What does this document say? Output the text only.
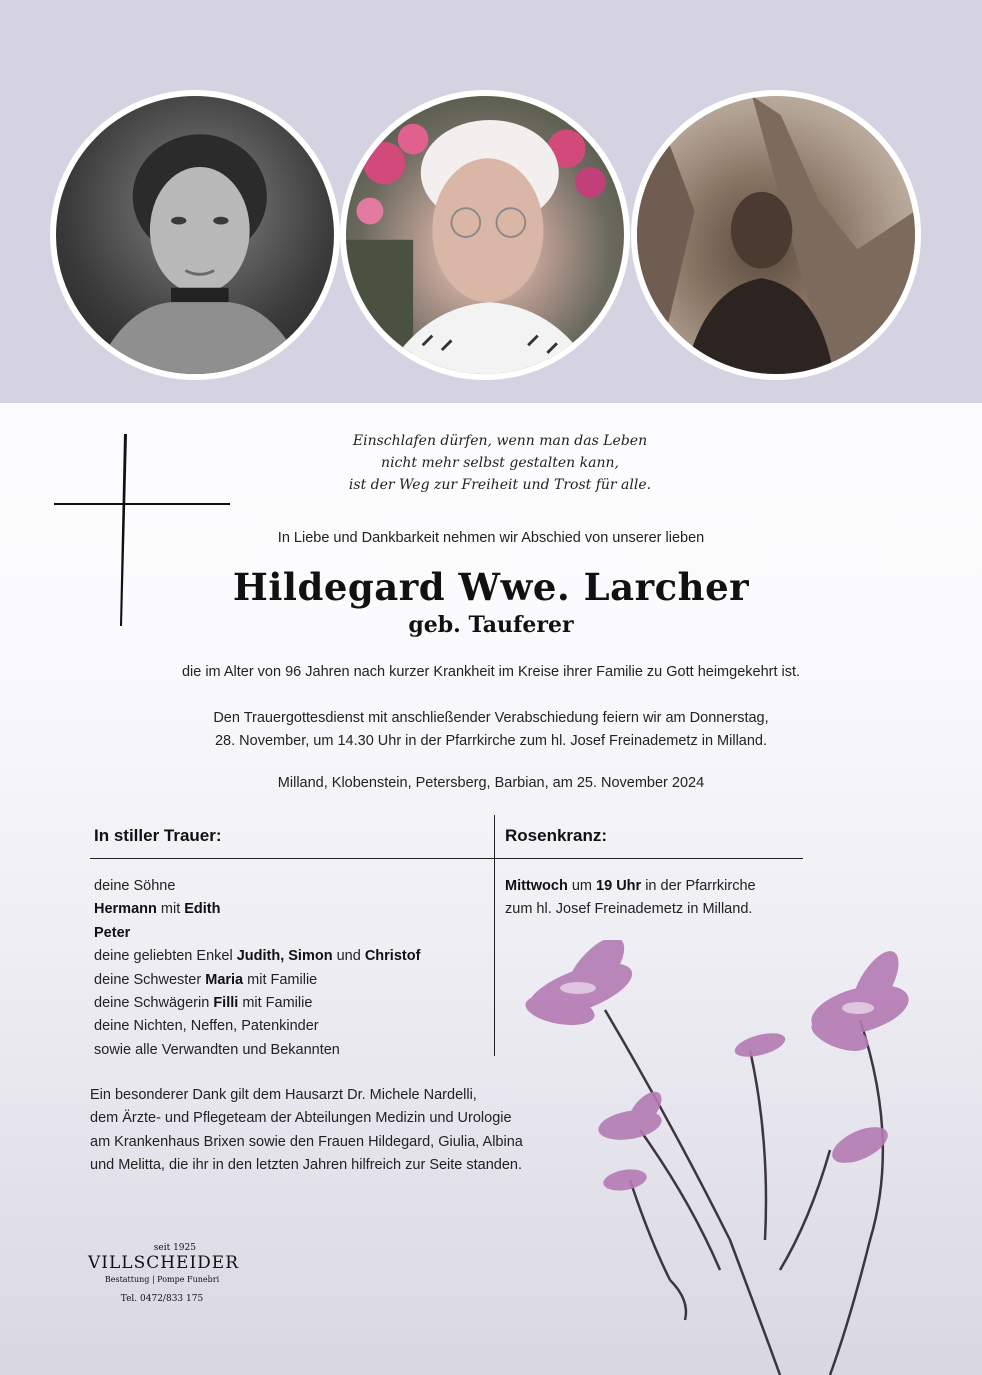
Einschlafen dürfen, wenn man das Leben
nicht mehr selbst gestalten kann,
ist der Weg zur Freiheit und Trost für alle.
In Liebe und Dankbarkeit nehmen wir Abschied von unserer lieben
Hildegard Wwe. Larcher
geb. Tauferer
die im Alter von 96 Jahren nach kurzer Krankheit im Kreise ihrer Familie zu Gott heimgekehrt ist.
Den Trauergottesdienst mit anschließender Verabschiedung feiern wir am Donnerstag,
28. November, um 14.30 Uhr in der Pfarrkirche zum hl. Josef Freinademetz in Milland.
Milland, Klobenstein, Petersberg, Barbian, am 25. November 2024
In stiller Trauer:	Rosenkranz:
deine Söhne
Hermann mit Edith
Peter
deine geliebten Enkel Judith, Simon und Christof
deine Schwester Maria mit Familie
deine Schwägerin Filli mit Familie
deine Nichten, Neffen, Patenkinder
sowie alle Verwandten und Bekannten
Mittwoch um 19 Uhr in der Pfarrkirche
zum hl. Josef Freinademetz in Milland.
Ein besonderer Dank gilt dem Hausarzt Dr. Michele Nardelli,
dem Ärzte- und Pflegeteam der Abteilungen Medizin und Urologie
am Krankenhaus Brixen sowie den Frauen Hildegard, Giulia, Albina
und Melitta, die ihr in den letzten Jahren hilfreich zur Seite standen.
seit 1925
VILLSCHEIDER
Bestattung | Pompe Funebri
Tel. 0472/833 175
